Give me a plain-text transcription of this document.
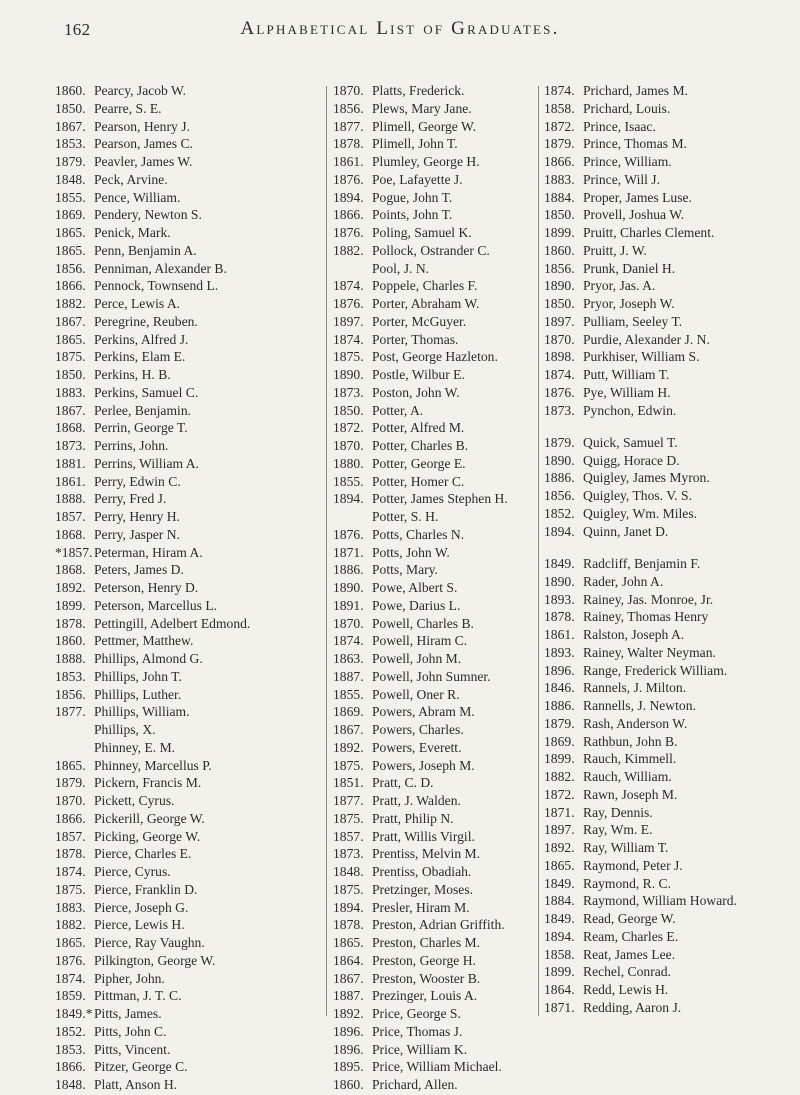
162	Alphabetical List of Graduates.
1860. Pearcy, Jacob W.
1850. Pearre, S. E.
1867. Pearson, Henry J.
1853. Pearson, James C.
1879. Peavler, James W.
1848. Peck, Arvine.
1855. Pence, William.
1869. Pendery, Newton S.
1865. Penick, Mark.
1865. Penn, Benjamin A.
1856. Penniman, Alexander B.
1866. Pennock, Townsend L.
1882. Perce, Lewis A.
1867. Peregrine, Reuben.
1865. Perkins, Alfred J.
1875. Perkins, Elam E.
1850. Perkins, H. B.
1883. Perkins, Samuel C.
1867. Perlee, Benjamin.
1868. Perrin, George T.
1873. Perrins, John.
1881. Perrins, William A.
1861. Perry, Edwin C.
1888. Perry, Fred J.
1857. Perry, Henry H.
1868. Perry, Jasper N.
*1857. Peterman, Hiram A.
1868. Peters, James D.
1892. Peterson, Henry D.
1899. Peterson, Marcellus L.
1878. Pettingill, Adelbert Edmond.
1860. Pettmer, Matthew.
1888. Phillips, Almond G.
1853. Phillips, John T.
1856. Phillips, Luther.
1877. Phillips, William.
Phillips, X.
Phinney, E. M.
1865. Phinney, Marcellus P.
1879. Pickern, Francis M.
1870. Pickett, Cyrus.
1866. Pickerill, George W.
1857. Picking, George W.
1878. Pierce, Charles E.
1874. Pierce, Cyrus.
1875. Pierce, Franklin D.
1883. Pierce, Joseph G.
1882. Pierce, Lewis H.
1865. Pierce, Ray Vaughn.
1876. Pilkington, George W.
1874. Pipher, John.
1859. Pittman, J. T. C.
1849.* Pitts, James.
1852. Pitts, John C.
1853. Pitts, Vincent.
1866. Pitzer, George C.
1848. Platt, Anson H.
1870. Platts, Frederick.
1856. Plews, Mary Jane.
1877. Plimell, George W.
1878. Plimell, John T.
1861. Plumley, George H.
1876. Poe, Lafayette J.
1894. Pogue, John T.
1866. Points, John T.
1876. Poling, Samuel K.
1882. Pollock, Ostrander C.
Pool, J. N.
1874. Poppele, Charles F.
1876. Porter, Abraham W.
1897. Porter, McGuyer.
1874. Porter, Thomas.
1875. Post, George Hazleton.
1890. Postle, Wilbur E.
1873. Poston, John W.
1850. Potter, A.
1872. Potter, Alfred M.
1870. Potter, Charles B.
1880. Potter, George E.
1855. Potter, Homer C.
1894. Potter, James Stephen H.
Potter, S. H.
1876. Potts, Charles N.
1871. Potts, John W.
1886. Potts, Mary.
1890. Powe, Albert S.
1891. Powe, Darius L.
1870. Powell, Charles B.
1874. Powell, Hiram C.
1863. Powell, John M.
1887. Powell, John Sumner.
1855. Powell, Oner R.
1869. Powers, Abram M.
1867. Powers, Charles.
1892. Powers, Everett.
1875. Powers, Joseph M.
1851. Pratt, C. D.
1877. Pratt, J. Walden.
1875. Pratt, Philip N.
1857. Pratt, Willis Virgil.
1873. Prentiss, Melvin M.
1848. Prentiss, Obadiah.
1875. Pretzinger, Moses.
1894. Presler, Hiram M.
1878. Preston, Adrian Griffith.
1865. Preston, Charles M.
1864. Preston, George H.
1867. Preston, Wooster B.
1887. Prezinger, Louis A.
1892. Price, George S.
1896. Price, Thomas J.
1896. Price, William K.
1895. Price, William Michael.
1860. Prichard, Allen.
1874. Prichard, James M.
1858. Prichard, Louis.
1872. Prince, Isaac.
1879. Prince, Thomas M.
1866. Prince, William.
1883. Prince, Will J.
1884. Proper, James Luse.
1850. Provell, Joshua W.
1899. Pruitt, Charles Clement.
1860. Pruitt, J. W.
1856. Prunk, Daniel H.
1890. Pryor, Jas. A.
1850. Pryor, Joseph W.
1897. Pulliam, Seeley T.
1870. Purdie, Alexander J. N.
1898. Purkhiser, William S.
1874. Putt, William T.
1876. Pye, William H.
1873. Pynchon, Edwin.
1879. Quick, Samuel T.
1890. Quigg, Horace D.
1886. Quigley, James Myron.
1856. Quigley, Thos. V. S.
1852. Quigley, Wm. Miles.
1894. Quinn, Janet D.
1849. Radcliff, Benjamin F.
1890. Rader, John A.
1893. Rainey, Jas. Monroe, Jr.
1878. Rainey, Thomas Henry
1861. Ralston, Joseph A.
1893. Rainey, Walter Neyman.
1896. Range, Frederick William.
1846. Rannels, J. Milton.
1886. Rannells, J. Newton.
1879. Rash, Anderson W.
1869. Rathbun, John B.
1899. Rauch, Kimmell.
1882. Rauch, William.
1872. Rawn, Joseph M.
1871. Ray, Dennis.
1897. Ray, Wm. E.
1892. Ray, William T.
1865. Raymond, Peter J.
1849. Raymond, R. C.
1884. Raymond, William Howard.
1849. Read, George W.
1894. Ream, Charles E.
1858. Reat, James Lee.
1899. Rechel, Conrad.
1864. Redd, Lewis H.
1871. Redding, Aaron J.
